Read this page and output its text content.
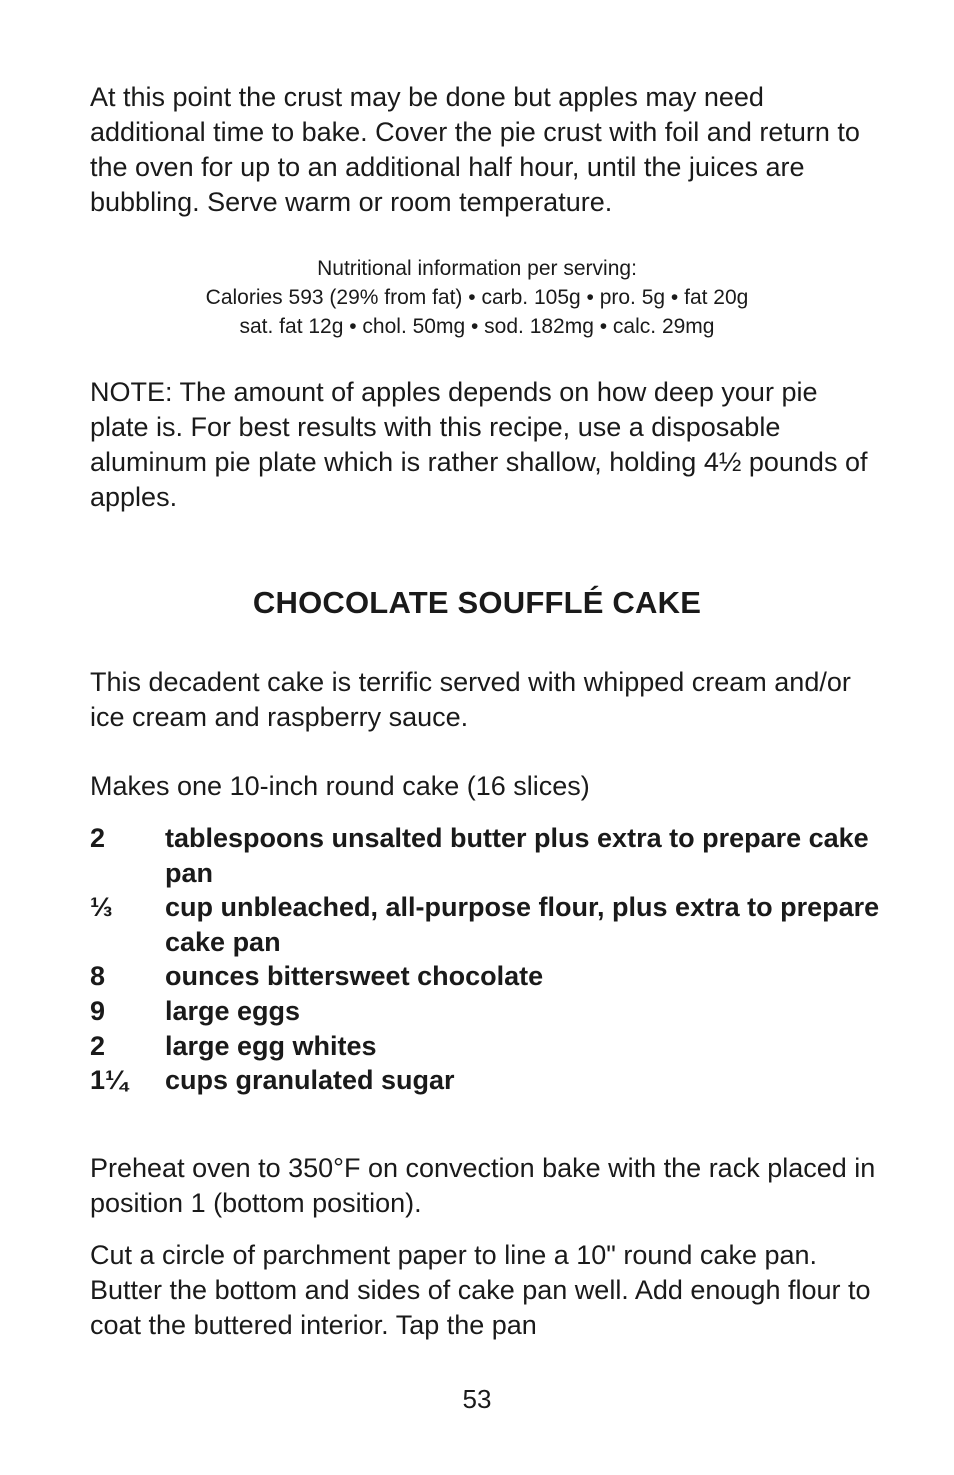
At this point the crust may be done but apples may need additional time to bake. Cover the pie crust with foil and return to the oven for up to an additional half hour, until the juices are bubbling. Serve warm or room temperature.

Nutritional information per serving:
Calories 593 (29% from fat) • carb. 105g • pro. 5g • fat 20g
sat. fat 12g • chol. 50mg • sod. 182mg • calc. 29mg

NOTE: The amount of apples depends on how deep your pie plate is. For best results with this recipe, use a disposable aluminum pie plate which is rather shallow, holding 4½ pounds of apples.

CHOCOLATE SOUFFLÉ CAKE

This decadent cake is terrific served with whipped cream and/or ice cream and raspberry sauce.

Makes one 10-inch round cake (16 slices)

2	tablespoons unsalted butter plus extra to prepare cake pan
⅓	cup unbleached, all-purpose flour, plus extra to prepare cake pan
8	ounces bittersweet chocolate
9	large eggs
2	large egg whites
1¼	cups granulated sugar

Preheat oven to 350°F on convection bake with the rack placed in position 1 (bottom position).

Cut a circle of parchment paper to line a 10" round cake pan. Butter the bottom and sides of cake pan well. Add enough flour to coat the buttered interior. Tap the pan

53
